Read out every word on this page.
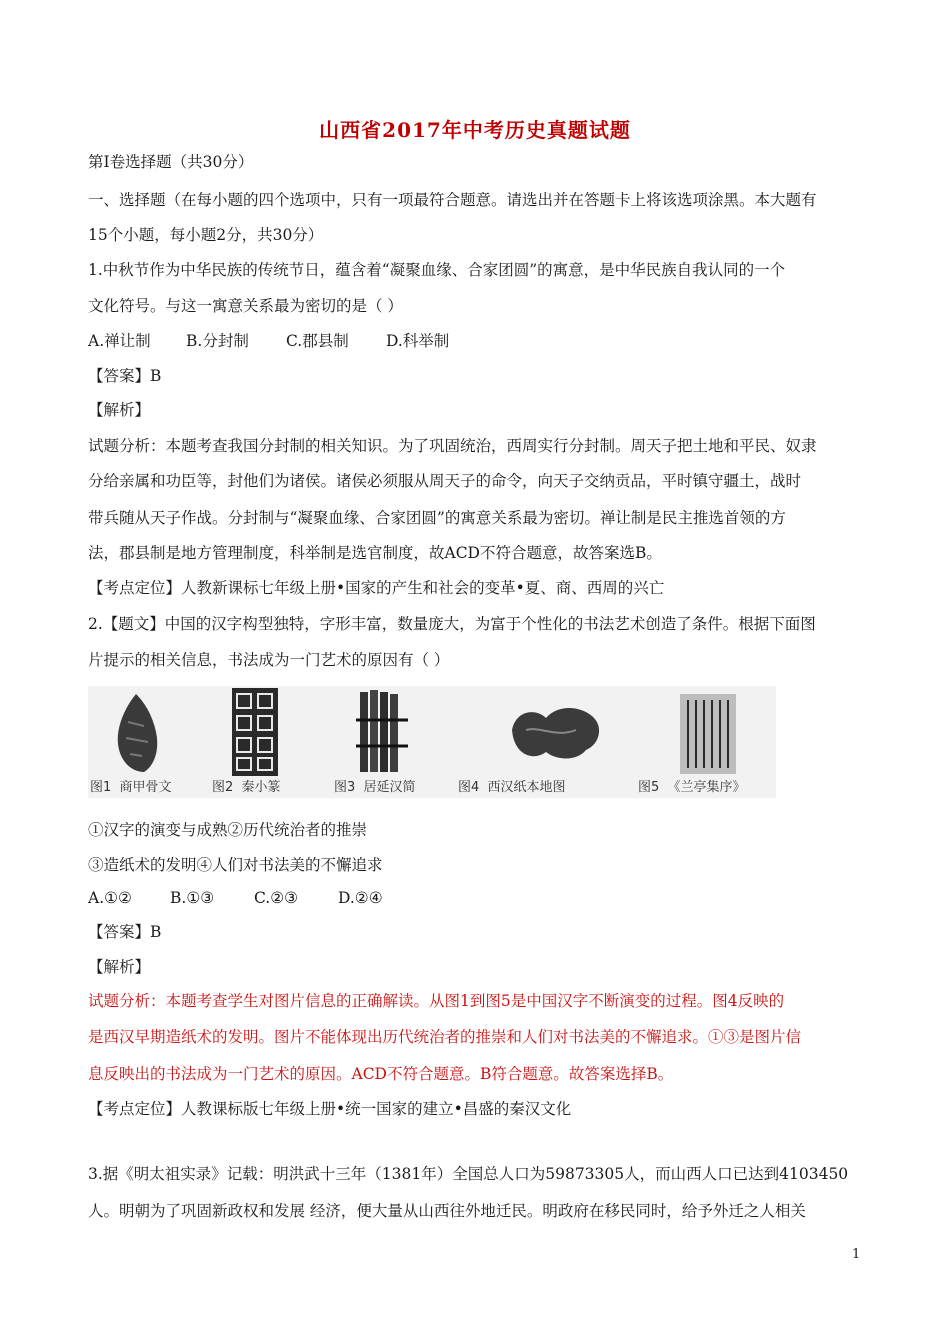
山西省2017年中考历史真题试题
第I卷选择题（共30分）
一、选择题（在每小题的四个选项中，只有一项最符合题意。请选出并在答题卡上将该选项涂黑。本大题有
15个小题，每小题2分，共30分）
1.中秋节作为中华民族的传统节日，蕴含着“凝聚血缘、合家团圆”的寓意，是中华民族自我认同的一个
文化符号。与这一寓意关系最为密切的是（ ）
A.禅让制 B.分封制 C.郡县制 D.科举制
【答案】B
【解析】
试题分析：本题考查我国分封制的相关知识。为了巩固统治，西周实行分封制。周天子把土地和平民、奴隶
分给亲属和功臣等，封他们为诸侯。诸侯必须服从周天子的命令，向天子交纳贡品，平时镇守疆土，战时
带兵随从天子作战。分封制与“凝聚血缘、合家团圆”的寓意关系最为密切。禅让制是民主推选首领的方
法，郡县制是地方管理制度，科举制是选官制度，故ACD不符合题意，故答案选B。
【考点定位】人教新课标七年级上册•国家的产生和社会的变革•夏、商、西周的兴亡
2.【题文】中国的汉字构型独特，字形丰富，数量庞大，为富于个性化的书法艺术创造了条件。根据下面图
片提示的相关信息，书法成为一门艺术的原因有（ ）
图1 商甲骨文	图2 秦小篆	图3 居延汉简	图4 西汉纸本地图	图5 《兰亭集序》
①汉字的演变与成熟②历代统治者的推崇
③造纸术的发明④人们对书法美的不懈追求
A.①② B.①③	C.②③	D.②④
【答案】B
【解析】
试题分析：本题考查学生对图片信息的正确解读。从图1到图5是中国汉字不断演变的过程。图4反映的
是西汉早期造纸术的发明。图片不能体现出历代统治者的推崇和人们对书法美的不懈追求。①③是图片信
息反映出的书法成为一门艺术的原因。ACD不符合题意。B符合题意。故答案选择B。
【考点定位】人教课标版七年级上册•统一国家的建立•昌盛的秦汉文化
3.据《明太祖实录》记载：明洪武十三年（1381年）全国总人口为59873305人，而山西人口已达到4103450
人。明朝为了巩固新政权和发展 经济，便大量从山西往外地迁民。明政府在移民同时，给予外迁之人相关
1
